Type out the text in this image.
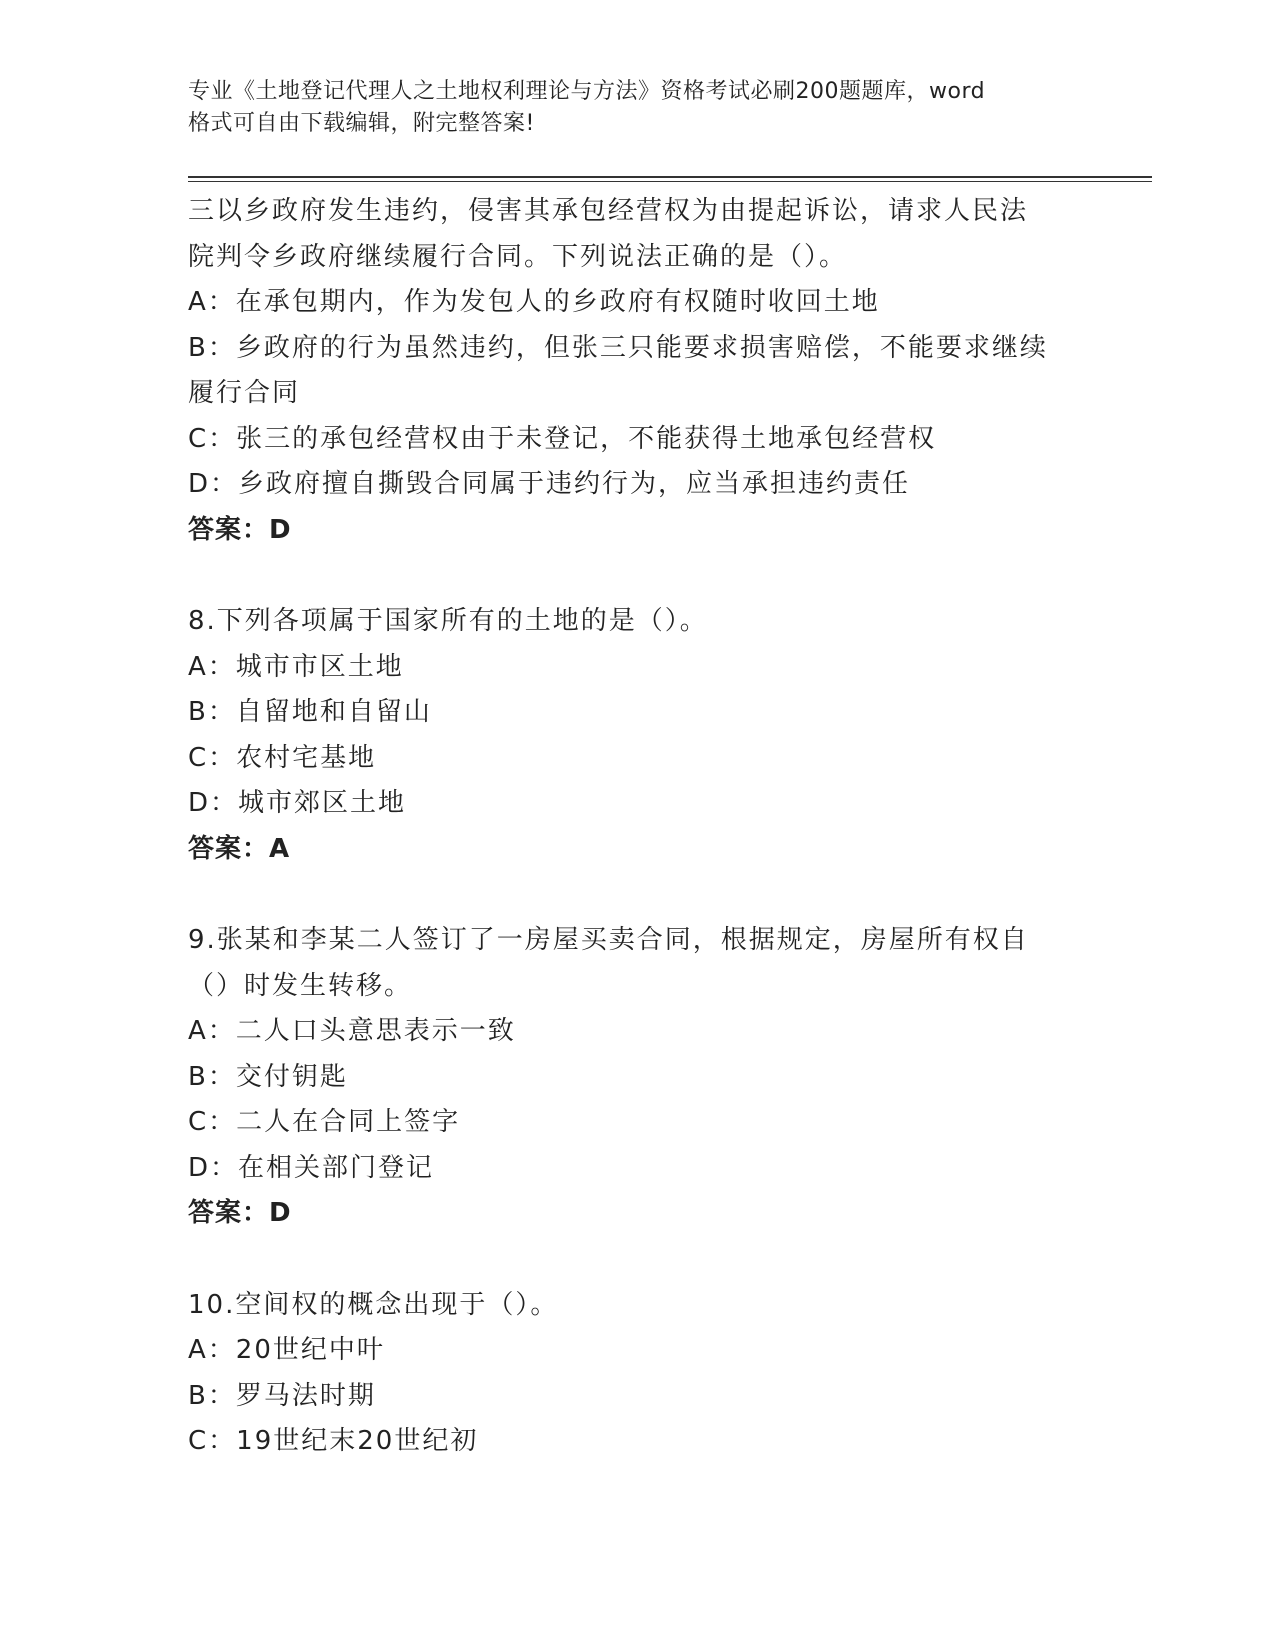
专业《土地登记代理人之土地权利理论与方法》资格考试必刷200题题库，word
格式可自由下载编辑，附完整答案!
三以乡政府发生违约，侵害其承包经营权为由提起诉讼，请求人民法
院判令乡政府继续履行合同。下列说法正确的是（）。
A：在承包期内，作为发包人的乡政府有权随时收回土地
B：乡政府的行为虽然违约，但张三只能要求损害赔偿，不能要求继续
履行合同
C：张三的承包经营权由于未登记，不能获得土地承包经营权
D：乡政府擅自撕毁合同属于违约行为，应当承担违约责任
答案：D
8.下列各项属于国家所有的土地的是（）。
A：城市市区土地
B：自留地和自留山
C：农村宅基地
D：城市郊区土地
答案：A
9.张某和李某二人签订了一房屋买卖合同，根据规定，房屋所有权自
（）时发生转移。
A：二人口头意思表示一致
B：交付钥匙
C：二人在合同上签字
D：在相关部门登记
答案：D
10.空间权的概念出现于（）。
A：20世纪中叶
B：罗马法时期
C：19世纪末20世纪初
